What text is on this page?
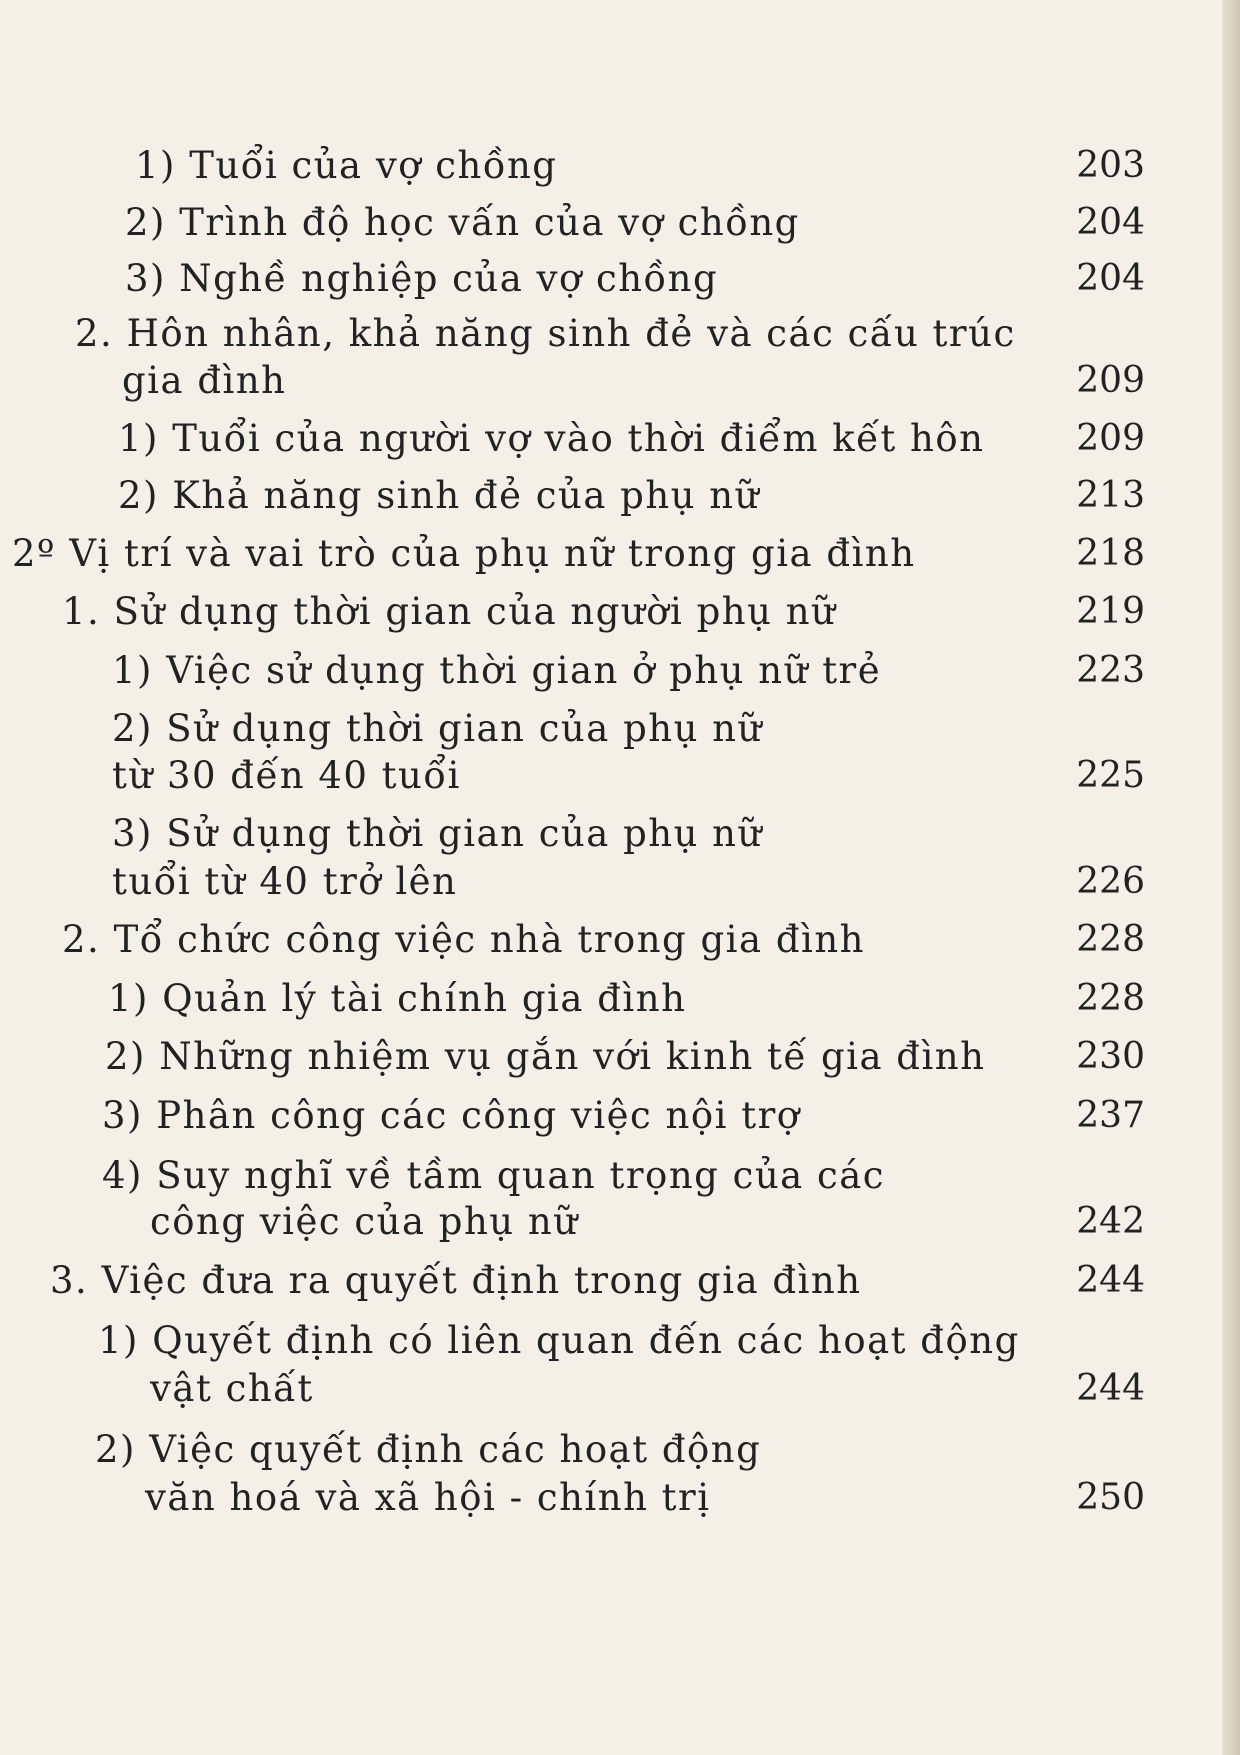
1) Tuổi của vợ chồng	203
2) Trình độ học vấn của vợ chồng	204
3) Nghề nghiệp của vợ chồng	204
2. Hôn nhân, khả năng sinh đẻ và các cấu trúc
gia đình	209
1) Tuổi của người vợ vào thời điểm kết hôn	209
2) Khả năng sinh đẻ của phụ nữ	213
2º Vị trí và vai trò của phụ nữ trong gia đình	218
1. Sử dụng thời gian của người phụ nữ	219
1) Việc sử dụng thời gian ở phụ nữ trẻ	223
2) Sử dụng thời gian của phụ nữ
từ 30 đến 40 tuổi	225
3) Sử dụng thời gian của phụ nữ
tuổi từ 40 trở lên	226
2. Tổ chức công việc nhà trong gia đình	228
1) Quản lý tài chính gia đình	228
2) Những nhiệm vụ gắn với kinh tế gia đình	230
3) Phân công các công việc nội trợ	237
4) Suy nghĩ về tầm quan trọng của các
công việc của phụ nữ	242
3. Việc đưa ra quyết định trong gia đình	244
1) Quyết định có liên quan đến các hoạt động
vật chất	244
2) Việc quyết định các hoạt động
văn hoá và xã hội - chính trị	250
